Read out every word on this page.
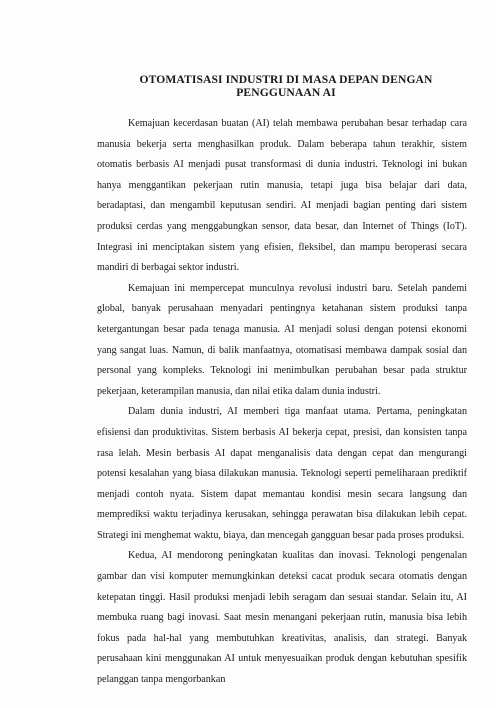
OTOMATISASI INDUSTRI DI MASA DEPAN DENGAN
PENGGUNAAN AI

Kemajuan kecerdasan buatan (AI) telah membawa perubahan besar terhadap cara manusia bekerja serta menghasilkan produk. Dalam beberapa tahun terakhir, sistem otomatis berbasis AI menjadi pusat transformasi di dunia industri. Teknologi ini bukan hanya menggantikan pekerjaan rutin manusia, tetapi juga bisa belajar dari data, beradaptasi, dan mengambil keputusan sendiri. AI menjadi bagian penting dari sistem produksi cerdas yang menggabungkan sensor, data besar, dan Internet of Things (IoT). Integrasi ini menciptakan sistem yang efisien, fleksibel, dan mampu beroperasi secara mandiri di berbagai sektor industri.

Kemajuan ini mempercepat munculnya revolusi industri baru. Setelah pandemi global, banyak perusahaan menyadari pentingnya ketahanan sistem produksi tanpa ketergantungan besar pada tenaga manusia. AI menjadi solusi dengan potensi ekonomi yang sangat luas. Namun, di balik manfaatnya, otomatisasi membawa dampak sosial dan personal yang kompleks. Teknologi ini menimbulkan perubahan besar pada struktur pekerjaan, keterampilan manusia, dan nilai etika dalam dunia industri.

Dalam dunia industri, AI memberi tiga manfaat utama. Pertama, peningkatan efisiensi dan produktivitas. Sistem berbasis AI bekerja cepat, presisi, dan konsisten tanpa rasa lelah. Mesin berbasis AI dapat menganalisis data dengan cepat dan mengurangi potensi kesalahan yang biasa dilakukan manusia. Teknologi seperti pemeliharaan prediktif menjadi contoh nyata. Sistem dapat memantau kondisi mesin secara langsung dan memprediksi waktu terjadinya kerusakan, sehingga perawatan bisa dilakukan lebih cepat. Strategi ini menghemat waktu, biaya, dan mencegah gangguan besar pada proses produksi.

Kedua, AI mendorong peningkatan kualitas dan inovasi. Teknologi pengenalan gambar dan visi komputer memungkinkan deteksi cacat produk secara otomatis dengan ketepatan tinggi. Hasil produksi menjadi lebih seragam dan sesuai standar. Selain itu, AI membuka ruang bagi inovasi. Saat mesin menangani pekerjaan rutin, manusia bisa lebih fokus pada hal-hal yang membutuhkan kreativitas, analisis, dan strategi. Banyak perusahaan kini menggunakan AI untuk menyesuaikan produk dengan kebutuhan spesifik pelanggan tanpa mengorbankan
